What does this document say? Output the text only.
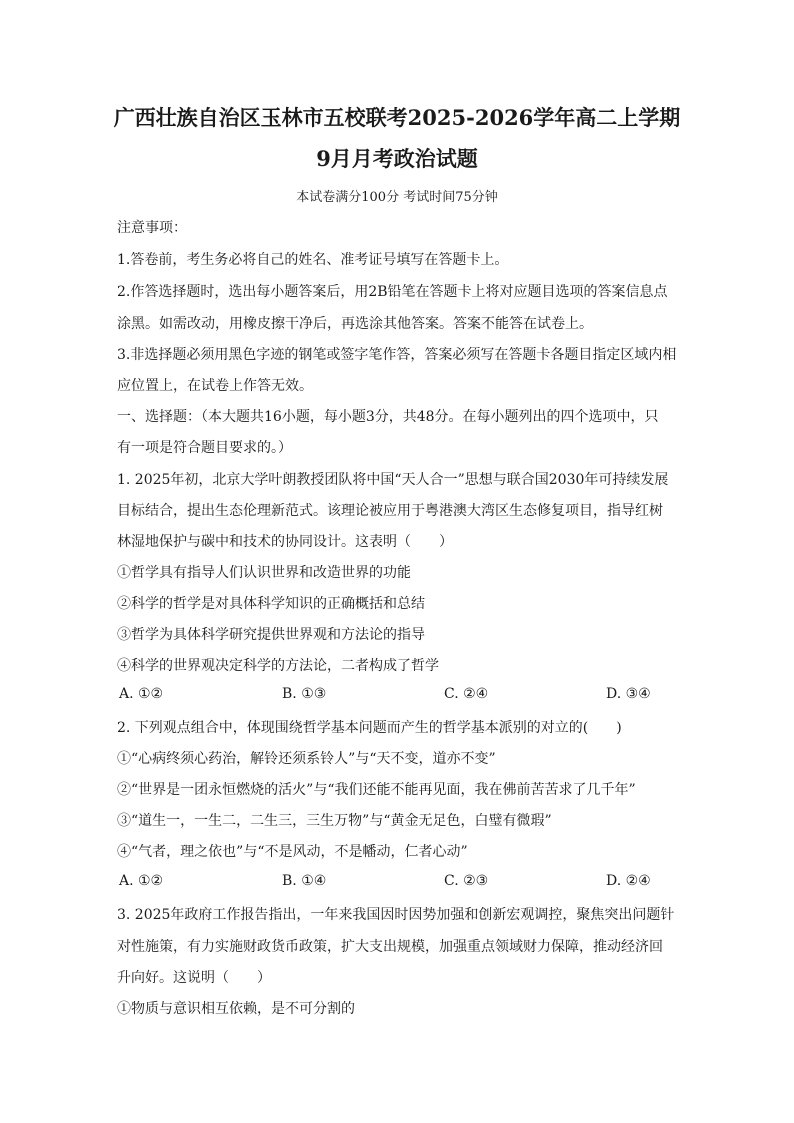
广西壮族自治区玉林市五校联考2025-2026学年高二上学期
9月月考政治试题
本试卷满分100分 考试时间75分钟
注意事项：
1.答卷前，考生务必将自己的姓名、准考证号填写在答题卡上。
2.作答选择题时，选出每小题答案后，用2B铅笔在答题卡上将对应题目选项的答案信息点
涂黑。如需改动，用橡皮擦干净后，再选涂其他答案。答案不能答在试卷上。
3.非选择题必须用黑色字迹的钢笔或签字笔作答，答案必须写在答题卡各题目指定区域内相
应位置上，在试卷上作答无效。
一、选择题：（本大题共16小题，每小题3分，共48分。在每小题列出的四个选项中，只
有一项是符合题目要求的。）
1. 2025年初，北京大学叶朗教授团队将中国“天人合一”思想与联合国2030年可持续发展
目标结合，提出生态伦理新范式。该理论被应用于粤港澳大湾区生态修复项目，指导红树
林湿地保护与碳中和技术的协同设计。这表明（　　）
①哲学具有指导人们认识世界和改造世界的功能
②科学的哲学是对具体科学知识的正确概括和总结
③哲学为具体科学研究提供世界观和方法论的指导
④科学的世界观决定科学的方法论，二者构成了哲学
A. ①②	B. ①③	C. ②④	D. ③④
2. 下列观点组合中，体现围绕哲学基本问题而产生的哲学基本派别的对立的(　　)
①“心病终须心药治，解铃还须系铃人”与“天不变，道亦不变”
②“世界是一团永恒燃烧的活火”与“我们还能不能再见面，我在佛前苦苦求了几千年”
③“道生一，一生二，二生三，三生万物”与“黄金无足色，白璧有微瑕”
④“气者，理之依也”与“不是风动，不是幡动，仁者心动”
A. ①②	B. ①④	C. ②③	D. ②④
3. 2025年政府工作报告指出，一年来我国因时因势加强和创新宏观调控，聚焦突出问题针
对性施策，有力实施财政货币政策，扩大支出规模，加强重点领域财力保障，推动经济回
升向好。这说明（　　）
①物质与意识相互依赖，是不可分割的
